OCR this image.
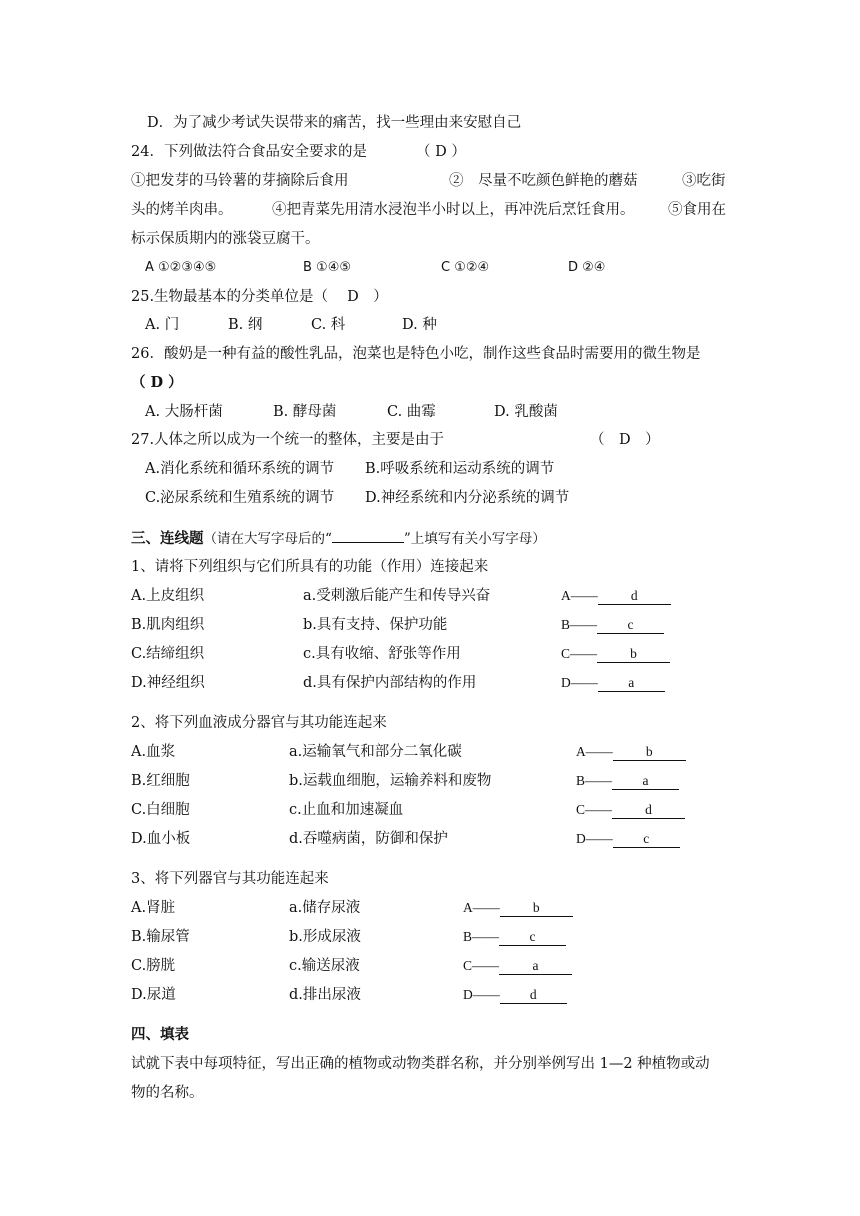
D．为了减少考试失误带来的痛苦，找一些理由来安慰自己
24．下列做法符合食品安全要求的是	（ D ）
①把发芽的马铃薯的芽摘除后食用	②　尽量不吃颜色鲜艳的蘑菇	③吃街
头的烤羊肉串。	④把青菜先用清水浸泡半小时以上，再冲洗后烹饪食用。 ⑤食用在
标示保质期内的涨袋豆腐干。
A ①②③④⑤	B ①④⑤	C ①②④	D ②④
25.生物最基本的分类单位是（　 D　）
A. 门	B. 纲	C. 科	D. 种
26．酸奶是一种有益的酸性乳品，泡菜也是特色小吃，制作这些食品时需要用的微生物是
（ D ）
A. 大肠杆菌	B. 酵母菌	C. 曲霉	D. 乳酸菌
27.人体之所以成为一个统一的整体，主要是由于	（　D　）
A.消化系统和循环系统的调节 B.呼吸系统和运动系统的调节
C.泌尿系统和生殖系统的调节 D.神经系统和内分泌系统的调节
三、连线题（请在大写字母后的“	”上填写有关小写字母）
1、请将下列组织与它们所具有的功能（作用）连接起来
A.上皮组织	a.受刺激后能产生和传导兴奋	A—— d
B.肌肉组织	b.具有支持、保护功能	B—— c
C.结缔组织	c.具有收缩、舒张等作用	C—— b
D.神经组织	d.具有保护内部结构的作用	D—— a
2、将下列血液成分器官与其功能连起来
A.血浆	a.运输氧气和部分二氧化碳	A—— b
B.红细胞	b.运载血细胞，运输养料和废物	B—— a
C.白细胞	c.止血和加速凝血	C—— d
D.血小板	d.吞噬病菌，防御和保护	D—— c
3、将下列器官与其功能连起来
A.肾脏	a.储存尿液	A—— b
B.输尿管	b.形成尿液	B—— c
C.膀胱	c.输送尿液	C—— a
D.尿道	d.排出尿液	D—— d
四、填表
试就下表中每项特征，写出正确的植物或动物类群名称，并分别举例写出 1—2 种植物或动
物的名称。
